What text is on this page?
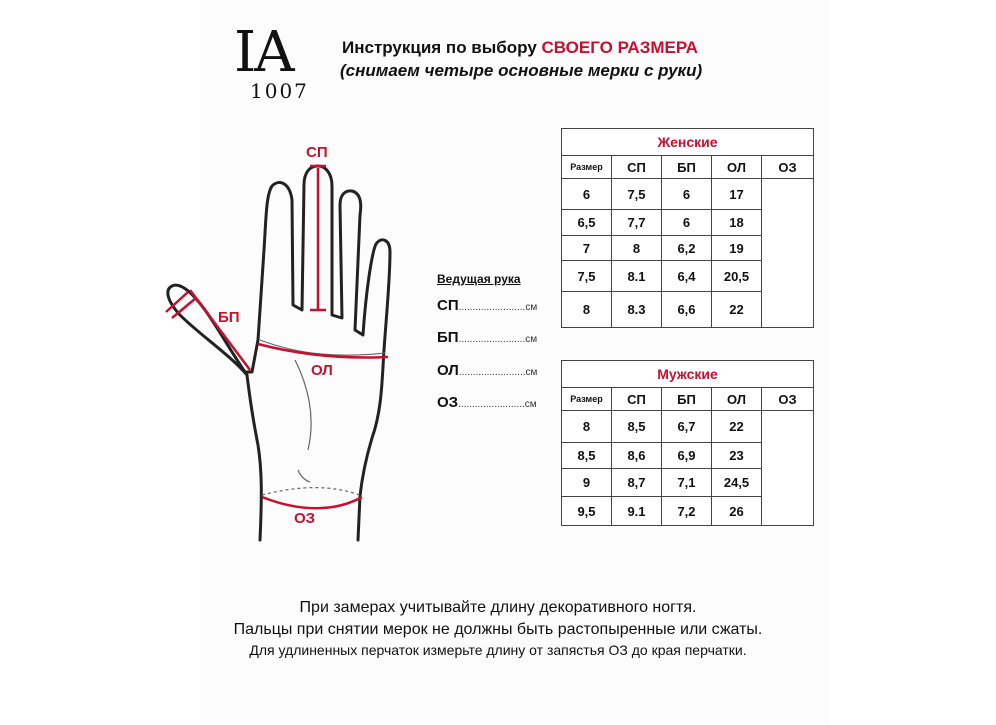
IA
1007
Инструкция по выбору СВОЕГО РАЗМЕРА
(снимаем четыре основные мерки с руки)
СП
БП
ОЛ
ОЗ
Ведущая рука
СП........................см
БП........................см
ОЛ........................см
ОЗ........................см
Женские				
Размер	СП	БП	ОЛ	ОЗ
6	7,5	6	17	
6,5	7,7	6	18	
7	8	6,2	19	
7,5	8.1	6,4	20,5	
8	8.3	6,6	22	
Мужские				
Размер	СП	БП	ОЛ	ОЗ
8	8,5	6,7	22	
8,5	8,6	6,9	23	
9	8,7	7,1	24,5	
9,5	9.1	7,2	26	
При замерах учитывайте длину декоративного ногтя.
Пальцы при снятии мерок не должны быть растопыренные или сжаты.
Для удлиненных перчаток измерьте длину от запястья ОЗ до края перчатки.
